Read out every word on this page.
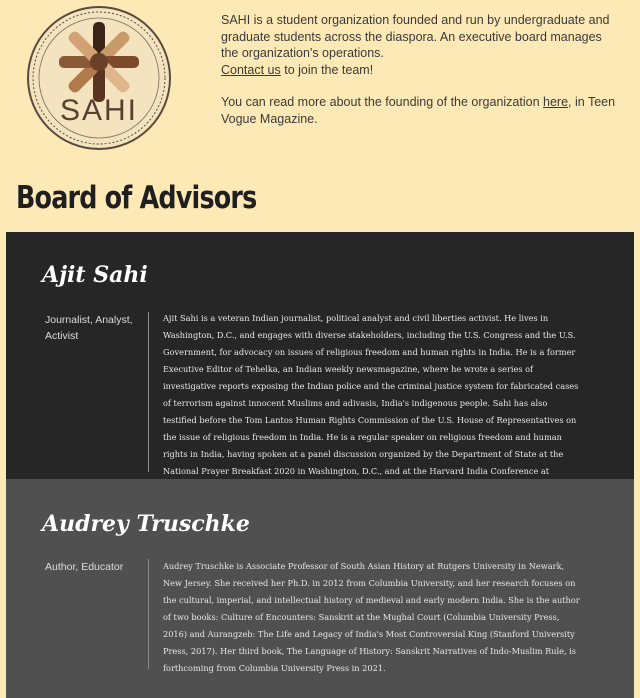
SAHI

SAHI is a student organization founded and run by undergraduate and graduate students across the diaspora. An executive board manages the organization's operations.
Contact us to join the team!

You can read more about the founding of the organization here, in Teen Vogue Magazine.

Board of Advisors
Ajit Sahi
Journalist, Analyst, Activist
Ajit Sahi is a veteran Indian journalist, political analyst and civil liberties activist. He lives in Washington, D.C., and engages with diverse stakeholders, including the U.S. Congress and the U.S. Government, for advocacy on issues of religious freedom and human rights in India. He is a former Executive Editor of Tehelka, an Indian weekly newsmagazine, where he wrote a series of investigative reports exposing the Indian police and the criminal justice system for fabricated cases of terrorism against innocent Muslims and adivasis, India's indigenous people. Sahi has also testified before the Tom Lantos Human Rights Commission of the U.S. House of Representatives on the issue of religious freedom in India. He is a regular speaker on religious freedom and human rights in India, having spoken at a panel discussion organized by the Department of State at the National Prayer Breakfast 2020 in Washington, D.C., and at the Harvard India Conference at
Audrey Truschke
Author, Educator	Audrey Truschke is Associate Professor of South Asian History at Rutgers University in Newark, New Jersey. She received her Ph.D. in 2012 from Columbia University, and her research focuses on the cultural, imperial, and intellectual history of medieval and early modern India. She is the author of two books: Culture of Encounters: Sanskrit at the Mughal Court (Columbia University Press, 2016) and Aurangzeb: The Life and Legacy of India's Most Controversial King (Stanford University Press, 2017). Her third book, The Language of History: Sanskrit Narratives of Indo-Muslim Rule, is forthcoming from Columbia University Press in 2021.
